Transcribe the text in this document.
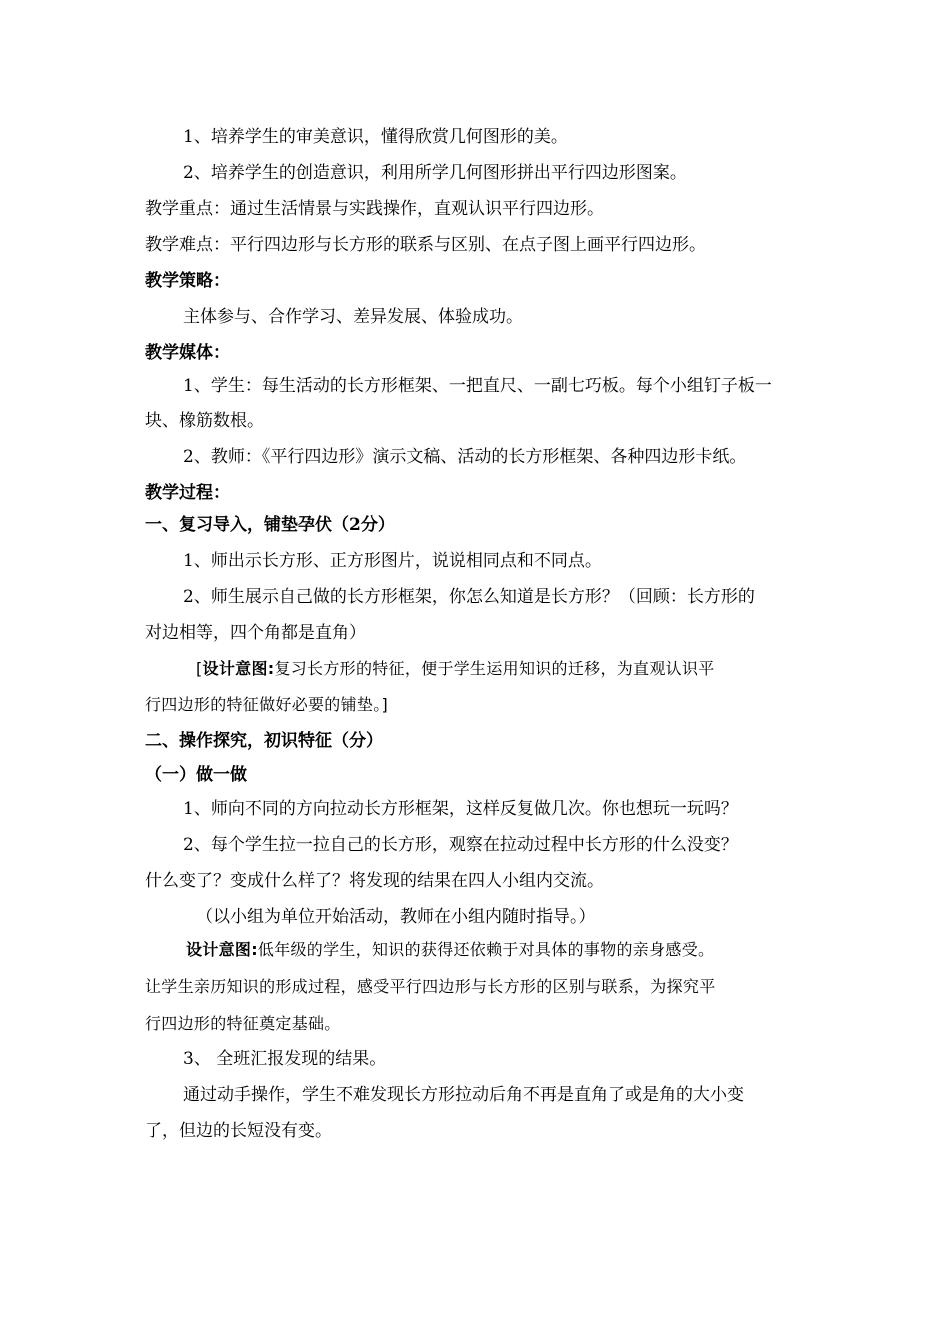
1、培养学生的审美意识，懂得欣赏几何图形的美。
2、培养学生的创造意识，利用所学几何图形拼出平行四边形图案。
教学重点：通过生活情景与实践操作，直观认识平行四边形。
教学难点：平行四边形与长方形的联系与区别、在点子图上画平行四边形。
教学策略：
主体参与、合作学习、差异发展、体验成功。
教学媒体：
1、学生：每生活动的长方形框架、一把直尺、一副七巧板。每个小组钉子板一
块、橡筋数根。
2、教师：《平行四边形》演示文稿、活动的长方形框架、各种四边形卡纸。
教学过程：
一、复习导入，铺垫孕伏（2分）
1、师出示长方形、正方形图片，说说相同点和不同点。
2、师生展示自己做的长方形框架，你怎么知道是长方形？（回顾：长方形的
对边相等，四个角都是直角）
[设计意图:复习长方形的特征，便于学生运用知识的迁移，为直观认识平
行四边形的特征做好必要的铺垫。]
二、操作探究，初识特征（分）
（一）做一做
1、师向不同的方向拉动长方形框架，这样反复做几次。你也想玩一玩吗？
2、每个学生拉一拉自己的长方形，观察在拉动过程中长方形的什么没变？
什么变了？变成什么样了？将发现的结果在四人小组内交流。
（以小组为单位开始活动，教师在小组内随时指导。）
设计意图:低年级的学生，知识的获得还依赖于对具体的事物的亲身感受。
让学生亲历知识的形成过程，感受平行四边形与长方形的区别与联系，为探究平
行四边形的特征奠定基础。
3、 全班汇报发现的结果。
通过动手操作，学生不难发现长方形拉动后角不再是直角了或是角的大小变
了，但边的长短没有变。
